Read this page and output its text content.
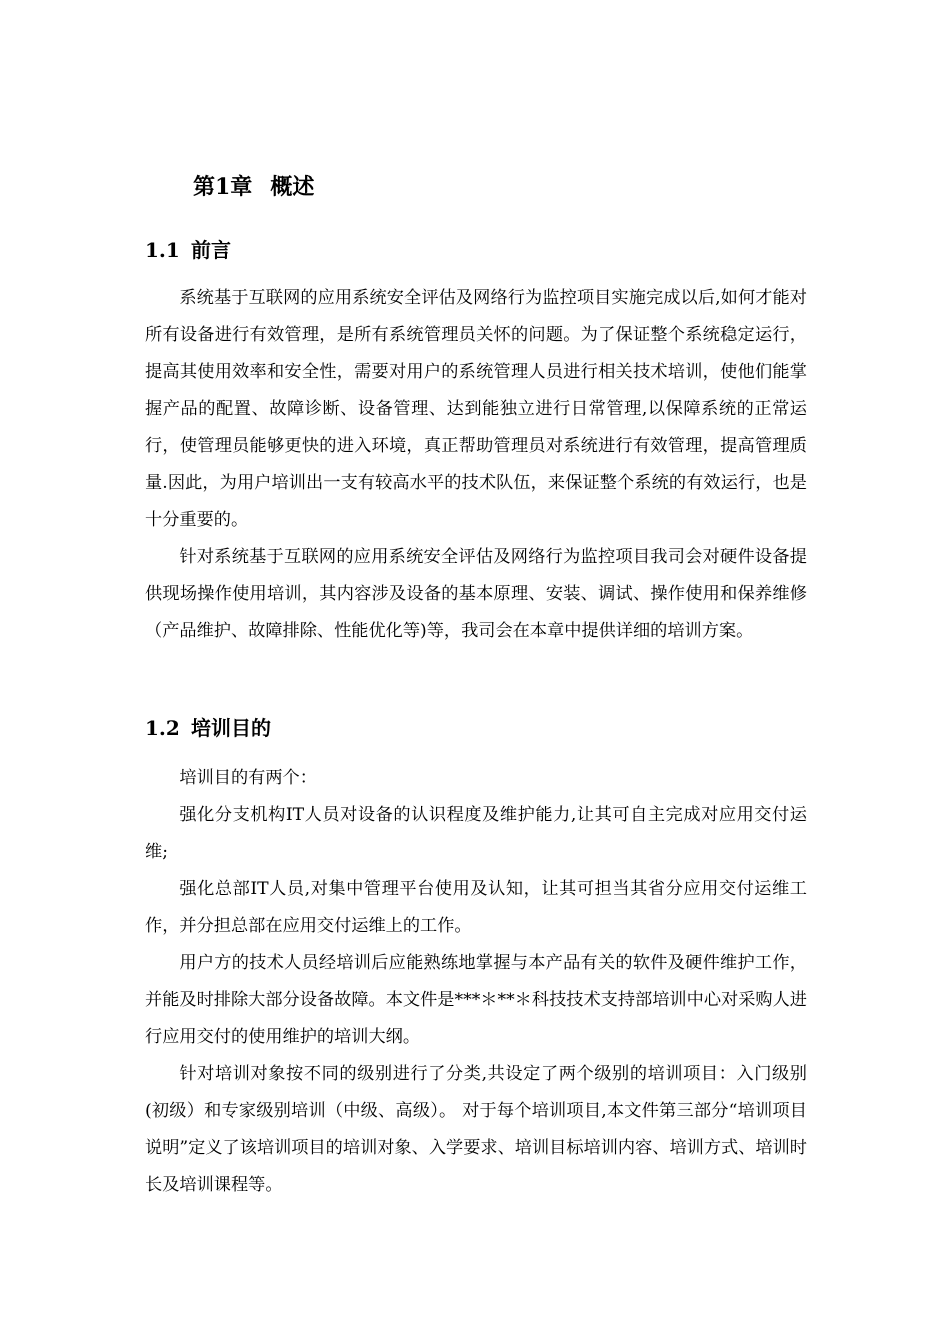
第1章 概述
1.1 前言

系统基于互联网的应用系统安全评估及网络行为监控项目实施完成以后,如何才能对所有设备进行有效管理，是所有系统管理员关怀的问题。为了保证整个系统稳定运行，提高其使用效率和安全性，需要对用户的系统管理人员进行相关技术培训，使他们能掌握产品的配置、故障诊断、设备管理、达到能独立进行日常管理,以保障系统的正常运行，使管理员能够更快的进入环境，真正帮助管理员对系统进行有效管理，提高管理质量.因此，为用户培训出一支有较高水平的技术队伍，来保证整个系统的有效运行，也是十分重要的。

针对系统基于互联网的应用系统安全评估及网络行为监控项目我司会对硬件设备提供现场操作使用培训，其内容涉及设备的基本原理、安装、调试、操作使用和保养维修（产品维护、故障排除、性能优化等)等，我司会在本章中提供详细的培训方案。

1.2 培训目的

培训目的有两个：

强化分支机构IT人员对设备的认识程度及维护能力,让其可自主完成对应用交付运维;

强化总部IT人员,对集中管理平台使用及认知，让其可担当其省分应用交付运维工作，并分担总部在应用交付运维上的工作。

用户方的技术人员经培训后应能熟练地掌握与本产品有关的软件及硬件维护工作，并能及时排除大部分设备故障。本文件是***＊**＊科技技术支持部培训中心对采购人进行应用交付的使用维护的培训大纲。

针对培训对象按不同的级别进行了分类,共设定了两个级别的培训项目：入门级别(初级）和专家级别培训（中级、高级）。 对于每个培训项目,本文件第三部分“培训项目说明”定义了该培训项目的培训对象、入学要求、培训目标培训内容、培训方式、培训时长及培训课程等。
